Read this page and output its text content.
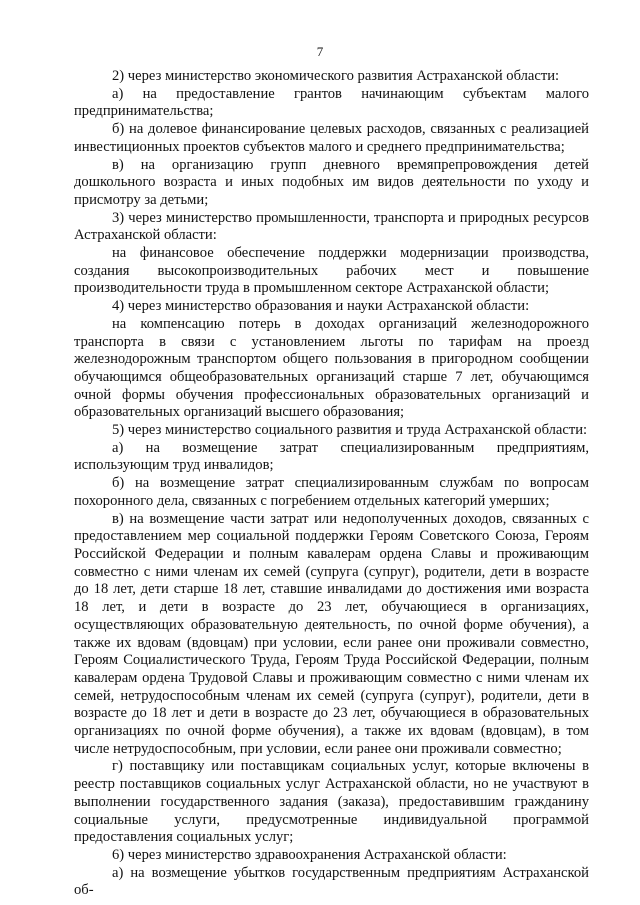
7

2) через министерство экономического развития Астраханской области:

а) на предоставление грантов начинающим субъектам малого предпринимательства;

б) на долевое финансирование целевых расходов, связанных с реализацией инвестиционных проектов субъектов малого и среднего предпринимательства;

в) на организацию групп дневного времяпрепровождения детей дошкольного возраста и иных подобных им видов деятельности по уходу и присмотру за детьми;

3) через министерство промышленности, транспорта и природных ресурсов Астраханской области:

на финансовое обеспечение поддержки модернизации производства, создания высокопроизводительных рабочих мест и повышение производительности труда в промышленном секторе Астраханской области;

4) через министерство образования и науки Астраханской области:

на компенсацию потерь в доходах организаций железнодорожного транспорта в связи с установлением льготы по тарифам на проезд железнодорожным транспортом общего пользования в пригородном сообщении обучающимся общеобразовательных организаций старше 7 лет, обучающимся очной формы обучения профессиональных образовательных организаций и образовательных организаций высшего образования;

5) через министерство социального развития и труда Астраханской области:

а) на возмещение затрат специализированным предприятиям, использующим труд инвалидов;

б) на возмещение затрат специализированным службам по вопросам похоронного дела, связанных с погребением отдельных категорий умерших;

в) на возмещение части затрат или недополученных доходов, связанных с предоставлением мер социальной поддержки Героям Советского Союза, Героям Российской Федерации и полным кавалерам ордена Славы и проживающим совместно с ними членам их семей (супруга (супруг), родители, дети в возрасте до 18 лет, дети старше 18 лет, ставшие инвалидами до достижения ими возраста 18 лет, и дети в возрасте до 23 лет, обучающиеся в организациях, осуществляющих образовательную деятельность, по очной форме обучения), а также их вдовам (вдовцам) при условии, если ранее они проживали совместно, Героям Социалистического Труда, Героям Труда Российской Федерации, полным кавалерам ордена Трудовой Славы и проживающим совместно с ними членам их семей, нетрудоспособным членам их семей (супруга (супруг), родители, дети в возрасте до 18 лет и дети в возрасте до 23 лет, обучающиеся в образовательных организациях по очной форме обучения), а также их вдовам (вдовцам), в том числе нетрудоспособным, при условии, если ранее они проживали совместно;

г) поставщику или поставщикам социальных услуг, которые включены в реестр поставщиков социальных услуг Астраханской области, но не участвуют в выполнении государственного задания (заказа), предоставившим гражданину социальные услуги, предусмотренные индивидуальной программой предоставления социальных услуг;

6) через министерство здравоохранения Астраханской области:

а) на возмещение убытков государственным предприятиям Астраханской об-
